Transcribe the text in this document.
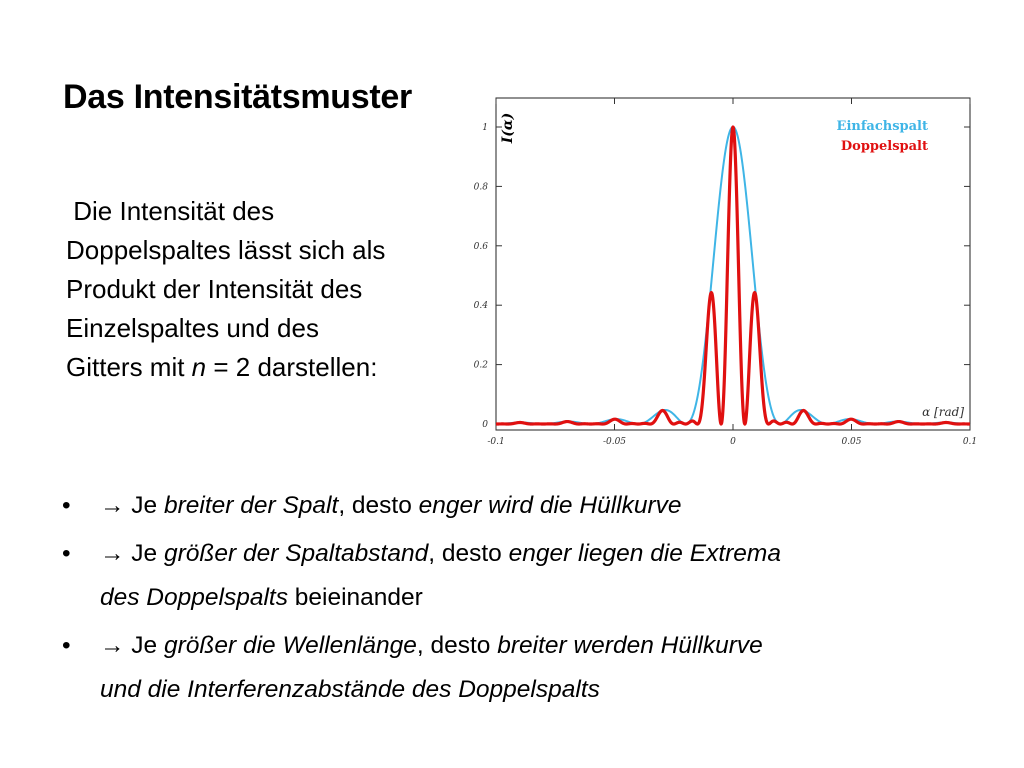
Das Intensitätsmuster

Die Intensität des
Doppelspaltes lässt sich als
Produkt der Intensität des
Einzelspaltes und des
Gitters mit n = 2 darstellen:

-0.1	-0.05	0	0.05	0.1
0
0.2
0.4
0.6
0.8
1 I(α)
α [rad]
Einfachspalt
Doppelspalt
• → Je breiter der Spalt, desto enger wird die Hüllkurve
• → Je größer der Spaltabstand, desto enger liegen die Extrema
des Doppelspalts beieinander
• → Je größer die Wellenlänge, desto breiter werden Hüllkurve
und die Interferenzabstände des Doppelspalts
